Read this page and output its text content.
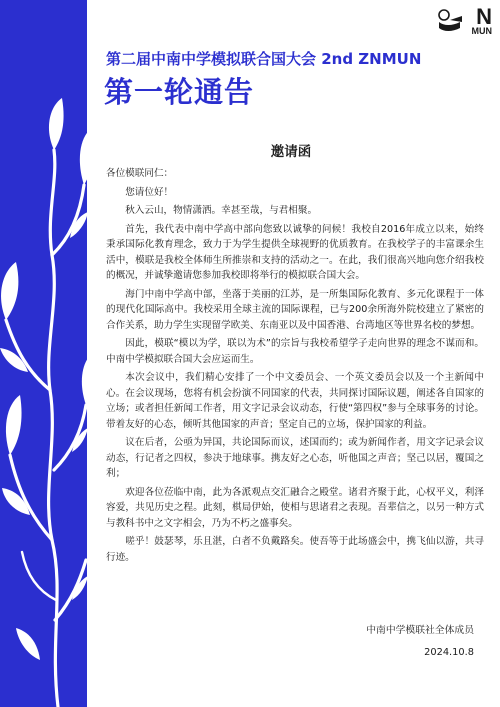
N
MUN
第二届中南中学模拟联合国大会 2nd ZNMUN
第一轮通告
邀请函

各位模联同仁：

您请位好！

秋入云山，物情潇洒。幸甚至哉，与君相聚。

首先，我代表中南中学高中部向您致以诚挚的问候！我校自2016年成立以来，始终秉承国际化教育理念，致力于为学生提供全球视野的优质教育。在我校学子的丰富课余生活中，模联是我校全体师生所推崇和支持的活动之一。在此，我们很高兴地向您介绍我校的概况，并诚挚邀请您参加我校即将举行的模拟联合国大会。

海门中南中学高中部，坐落于美丽的江苏，是一所集国际化教育、多元化课程于一体的现代化国际高中。我校采用全球主流的国际课程，已与200余所海外院校建立了紧密的合作关系，助力学生实现留学欧美、东南亚以及中国香港、台湾地区等世界名校的梦想。

因此，模联“模以为学，联以为术”的宗旨与我校希望学子走向世界的理念不谋而和。中南中学模拟联合国大会应运而生。

本次会议中，我们精心安排了一个中文委员会、一个英文委员会以及一个主新闻中心。在会议现场，您将有机会扮演不同国家的代表，共同探讨国际议题，阐述各自国家的立场；或者担任新闻工作者，用文字记录会议动态，行使“第四权”参与全球事务的讨论。带着友好的心态，倾听其他国家的声音；坚定自己的立场，保护国家的利益。

议在后者，公亟为异国，共论国际而议，述国而约；或为新闻作者，用文字记录会议动态，行记者之四权，参决于地球事。携友好之心态，听他国之声音；坚己以居，覆国之利；

欢迎各位莅临中南，此为各派观点交汇融合之殿堂。诸君齐聚于此，心权平义，利泽容爱，共见历史之程。此刻，棋局伊始，使相与思诸君之表现。吾辈信之，以另一种方式与教科书中之文字相会，乃为不朽之盛事矣。

嗟乎！鼓瑟琴，乐且湛，白者不负戴路矣。使吾等于此场盛会中，携飞仙以游，共寻行迹。

中南中学模联社全体成员
2024.10.8
